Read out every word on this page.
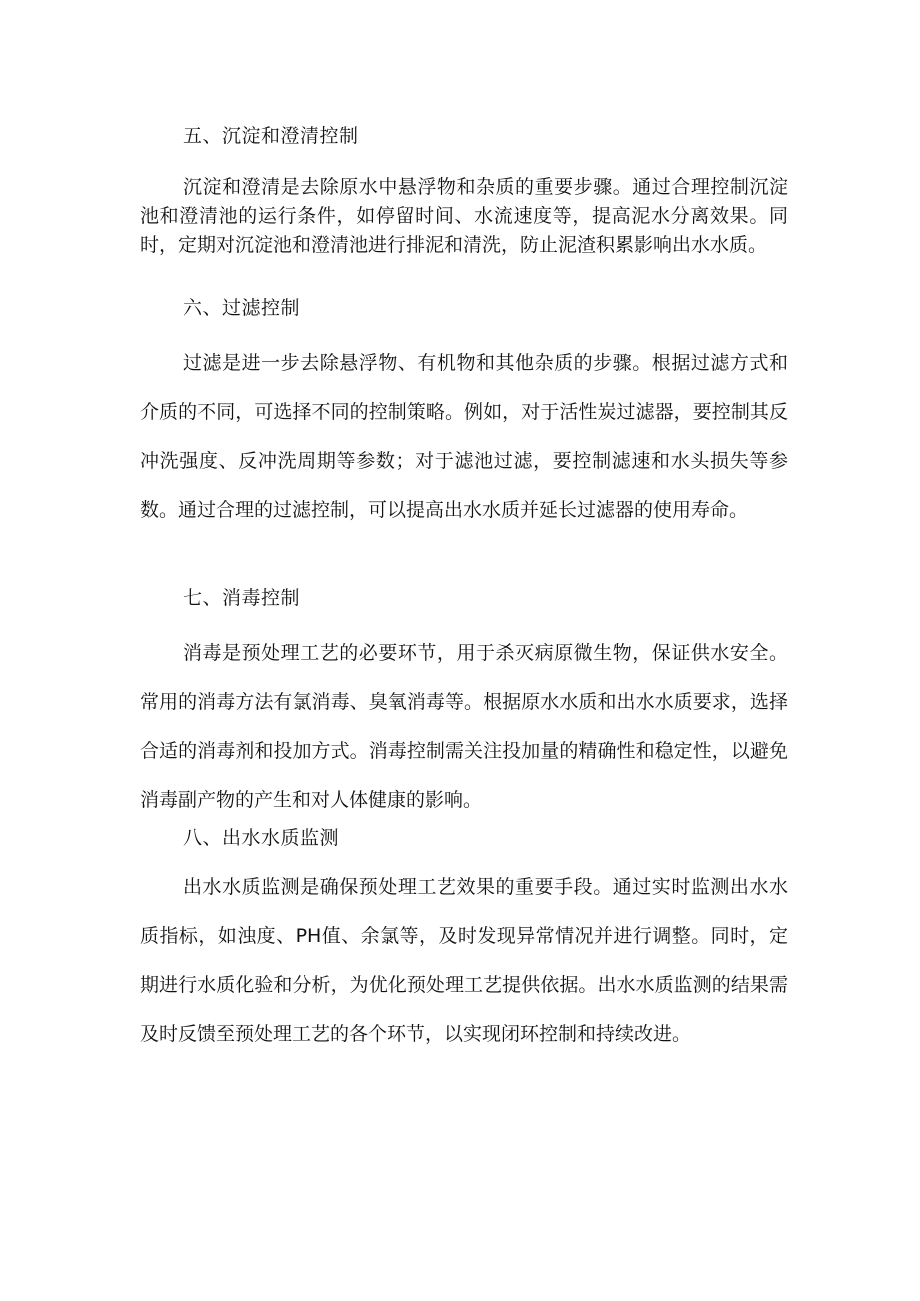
五、沉淀和澄清控制

沉淀和澄清是去除原水中悬浮物和杂质的重要步骤。通过合理控制沉淀池和澄清池的运行条件，如停留时间、水流速度等，提高泥水分离效果。同时，定期对沉淀池和澄清池进行排泥和清洗，防止泥渣积累影响出水水质。

六、过滤控制

过滤是进一步去除悬浮物、有机物和其他杂质的步骤。根据过滤方式和介质的不同，可选择不同的控制策略。例如，对于活性炭过滤器，要控制其反冲洗强度、反冲洗周期等参数；对于滤池过滤，要控制滤速和水头损失等参数。通过合理的过滤控制，可以提高出水水质并延长过滤器的使用寿命。

七、消毒控制

消毒是预处理工艺的必要环节，用于杀灭病原微生物，保证供水安全。常用的消毒方法有氯消毒、臭氧消毒等。根据原水水质和出水水质要求，选择合适的消毒剂和投加方式。消毒控制需关注投加量的精确性和稳定性，以避免消毒副产物的产生和对人体健康的影响。

八、出水水质监测

出水水质监测是确保预处理工艺效果的重要手段。通过实时监测出水水质指标，如浊度、PH值、余氯等，及时发现异常情况并进行调整。同时，定期进行水质化验和分析，为优化预处理工艺提供依据。出水水质监测的结果需及时反馈至预处理工艺的各个环节，以实现闭环控制和持续改进。
